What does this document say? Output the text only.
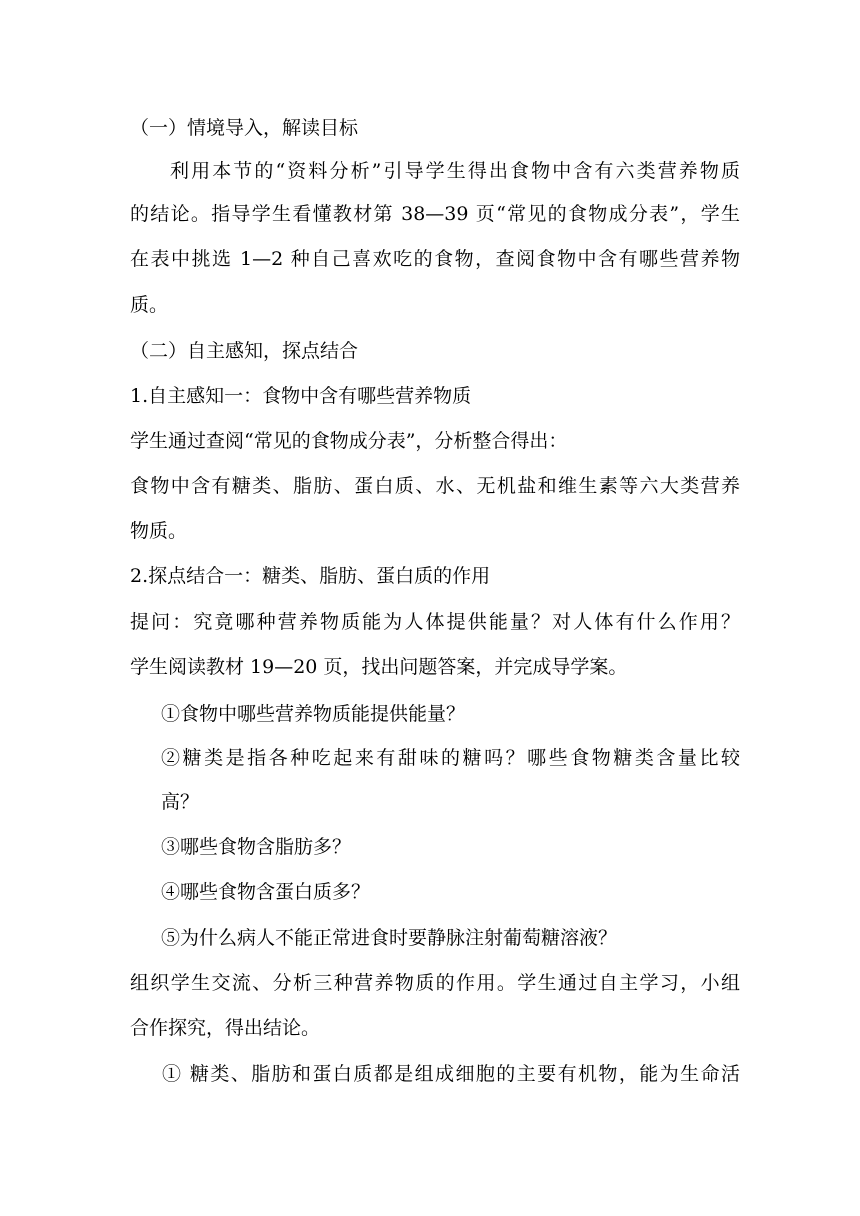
（一）情境导入，解读目标
利用本节的“资料分析”引导学生得出食物中含有六类营养物质
的结论。指导学生看懂教材第 38—39 页“常见的食物成分表”，学生
在表中挑选 1—2 种自己喜欢吃的食物，查阅食物中含有哪些营养物
质。
（二）自主感知，探点结合
1.自主感知一：食物中含有哪些营养物质
学生通过查阅“常见的食物成分表”，分析整合得出：
食物中含有糖类、脂肪、蛋白质、水、无机盐和维生素等六大类营养
物质。
2.探点结合一：糖类、脂肪、蛋白质的作用
提问：究竟哪种营养物质能为人体提供能量？对人体有什么作用？
学生阅读教材 19—20 页，找出问题答案，并完成导学案。
①食物中哪些营养物质能提供能量？
②糖类是指各种吃起来有甜味的糖吗？哪些食物糖类含量比较
高？
③哪些食物含脂肪多？
④哪些食物含蛋白质多？
⑤为什么病人不能正常进食时要静脉注射葡萄糖溶液？
组织学生交流、分析三种营养物质的作用。学生通过自主学习，小组
合作探究，得出结论。
① 糖类、脂肪和蛋白质都是组成细胞的主要有机物，能为生命活
